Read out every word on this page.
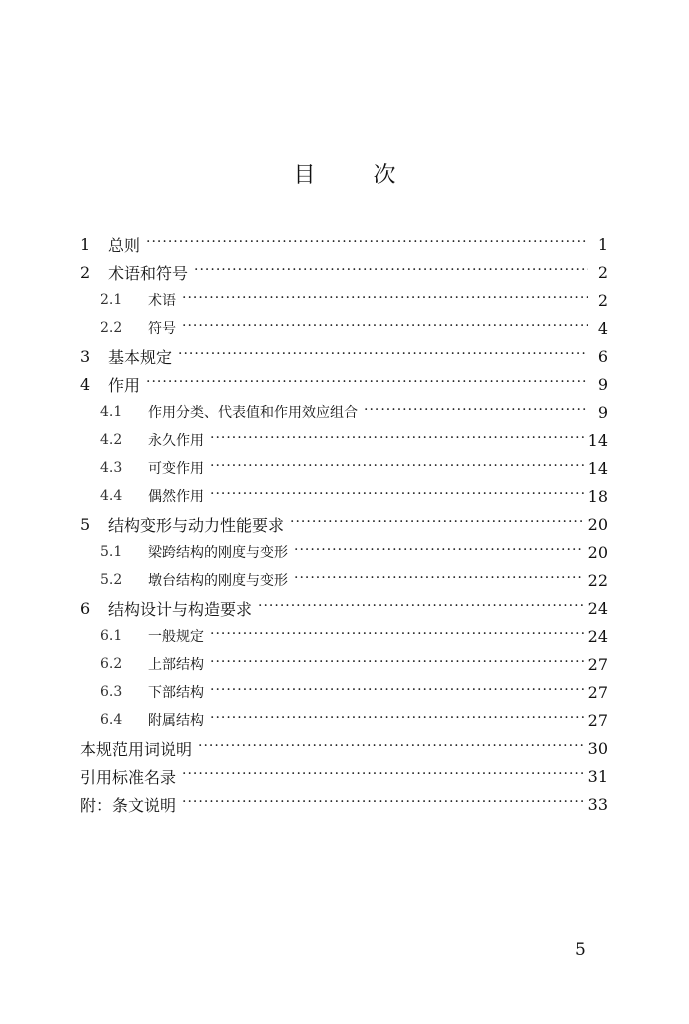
目	次
1	总则 ·····	1
2	术语和符号 ·····	2
2.1	术语 ·····	2
2.2	符号 ·····	4
3	基本规定 ·····	6
4	作用 ·····	9
4.1	作用分类、代表值和作用效应组合 ·····	9
4.2	永久作用 ·····	14
4.3	可变作用 ·····	14
4.4	偶然作用 ·····	18
5	结构变形与动力性能要求 ·····	20
5.1	梁跨结构的刚度与变形 ·····	20
5.2	墩台结构的刚度与变形 ·····	22
6	结构设计与构造要求 ·····	24
6.1	一般规定 ·····	24
6.2	上部结构 ·····	27
6.3	下部结构 ·····	27
6.4	附属结构 ·····	27
本规范用词说明 ·····	30
引用标准名录 ·····	31
附：条文说明 ·····	33
5
